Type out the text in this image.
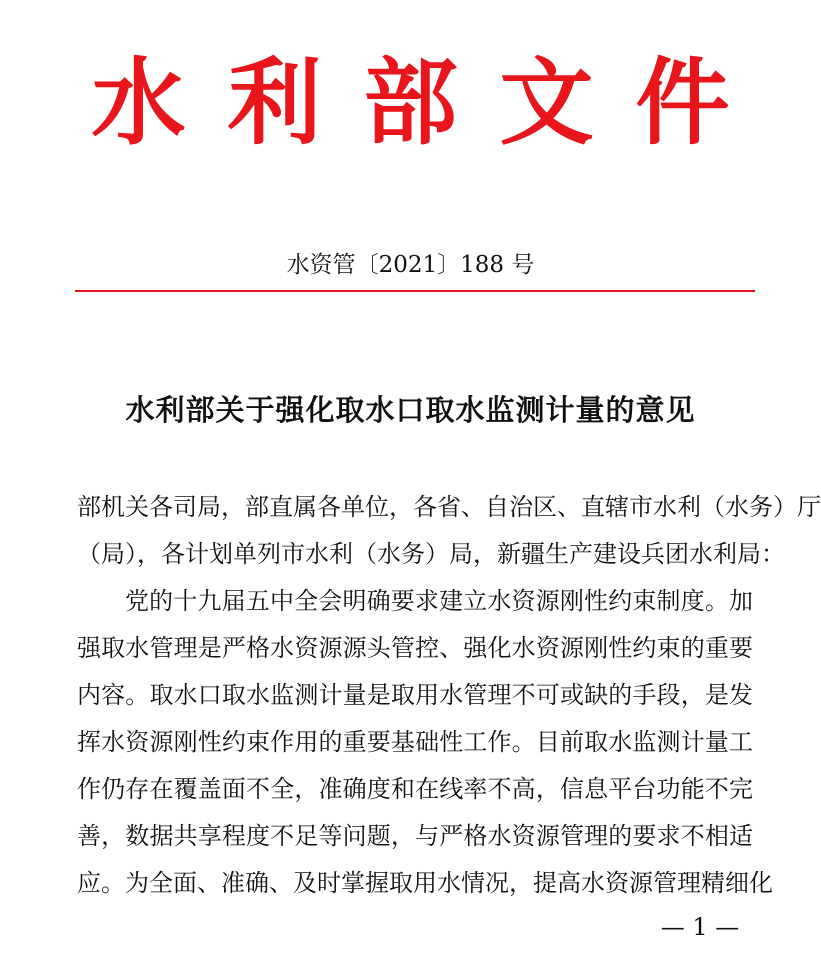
水利部文件
水资管〔2021〕188 号
水利部关于强化取水口取水监测计量的意见
部机关各司局，部直属各单位，各省、自治区、直辖市水利（水务）厅
（局），各计划单列市水利（水务）局，新疆生产建设兵团水利局：
党的十九届五中全会明确要求建立水资源刚性约束制度。加
强取水管理是严格水资源源头管控、强化水资源刚性约束的重要
内容。取水口取水监测计量是取用水管理不可或缺的手段，是发
挥水资源刚性约束作用的重要基础性工作。目前取水监测计量工
作仍存在覆盖面不全，准确度和在线率不高，信息平台功能不完
善，数据共享程度不足等问题，与严格水资源管理的要求不相适
应。为全面、准确、及时掌握取用水情况，提高水资源管理精细化
— 1 —
